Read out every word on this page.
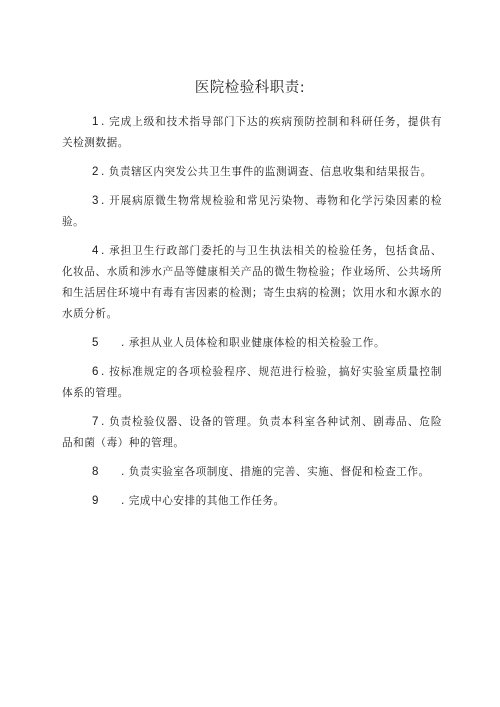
医院检验科职责:

1 . 完成上级和技术指导部门下达的疾病预防控制和科研任务，提供有关检测数据。

2 . 负责辖区内突发公共卫生事件的监测调查、信息收集和结果报告。

3 . 开展病原微生物常规检验和常见污染物、毒物和化学污染因素的检验。

4 . 承担卫生行政部门委托的与卫生执法相关的检验任务，包括食品、化妆品、水质和涉水产品等健康相关产品的微生物检验；作业场所、公共场所和生活居住环境中有毒有害因素的检测；寄生虫病的检测；饮用水和水源水的水质分析。

5 . 承担从业人员体检和职业健康体检的相关检验工作。

6 . 按标准规定的各项检验程序、规范进行检验，搞好实验室质量控制体系的管理。

7 . 负责检验仪器、设备的管理。负责本科室各种试剂、剧毒品、危险品和菌（毒）种的管理。

8 . 负责实验室各项制度、措施的完善、实施、督促和检查工作。

9 . 完成中心安排的其他工作任务。
